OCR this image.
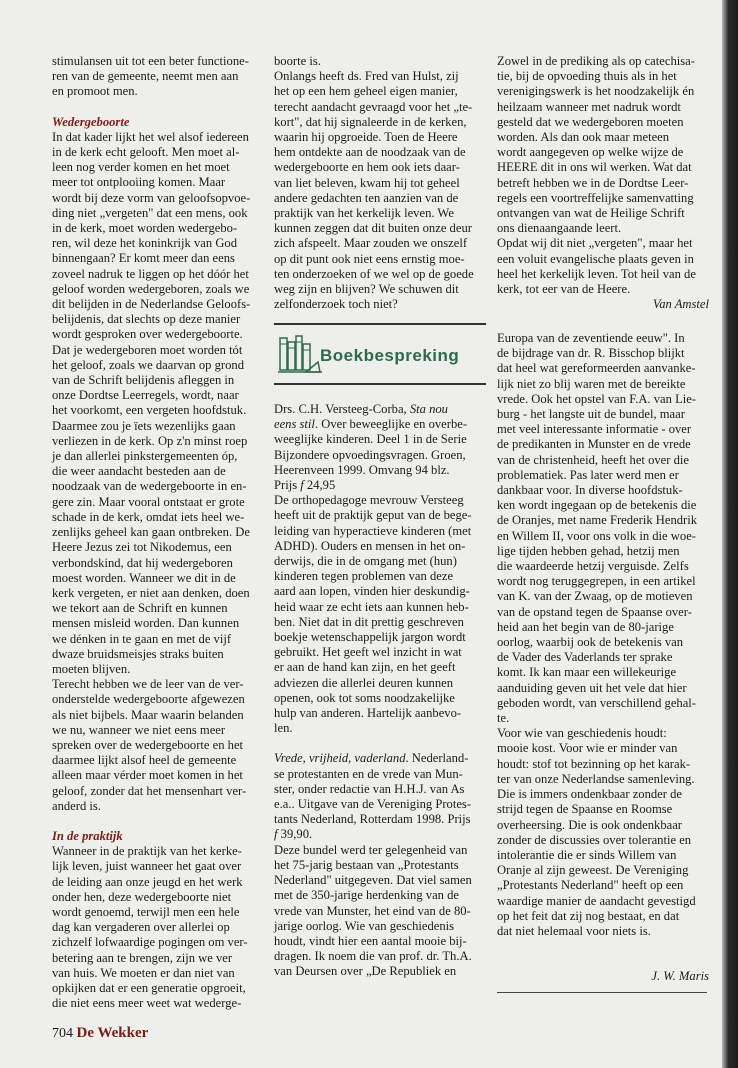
stimulansen uit tot een beter functione-
ren van de gemeente, neemt men aan
en promoot men.

Wedergeboorte

In dat kader lijkt het wel alsof iedereen
in de kerk echt gelooft. Men moet al-
leen nog verder komen en het moet
meer tot ontplooiing komen. Maar
wordt bij deze vorm van geloofsopvoe-
ding niet „vergeten" dat een mens, ook
in de kerk, moet worden wedergebo-
ren, wil deze het koninkrijk van God
binnengaan? Er komt meer dan eens
zoveel nadruk te liggen op het dóór het
geloof worden wedergeboren, zoals we
dit belijden in de Nederlandse Geloofs-
belijdenis, dat slechts op deze manier
wordt gesproken over wedergeboorte.
Dat je wedergeboren moet worden tót
het geloof, zoals we daarvan op grond
van de Schrift belijdenis afleggen in
onze Dordtse Leerregels, wordt, naar
het voorkomt, een vergeten hoofdstuk.
Daarmee zou je ïets wezenlijks gaan
verliezen in de kerk. Op z'n minst roep
je dan allerlei pinkstergemeenten óp,
die weer aandacht besteden aan de
noodzaak van de wedergeboorte in en-
gere zin. Maar vooral ontstaat er grote
schade in de kerk, omdat iets heel we-
zenlijks geheel kan gaan ontbreken. De
Heere Jezus zei tot Nikodemus, een
verbondskind, dat hij wedergeboren
moest worden. Wanneer we dit in de
kerk vergeten, er niet aan denken, doen
we tekort aan de Schrift en kunnen
mensen misleid worden. Dan kunnen
we dénken in te gaan en met de vijf
dwaze bruidsmeisjes straks buiten
moeten blijven.
Terecht hebben we de leer van de ver-
onderstelde wedergeboorte afgewezen
als niet bijbels. Maar waarin belanden
we nu, wanneer we niet eens meer
spreken over de wedergeboorte en het
daarmee lijkt alsof heel de gemeente
alleen maar vérder moet komen in het
geloof, zonder dat het mensenhart ver-
anderd is.

In de praktijk

Wanneer in de praktijk van het kerke-
lijk leven, juist wanneer het gaat over
de leiding aan onze jeugd en het werk
onder hen, deze wedergeboorte niet
wordt genoemd, terwijl men een hele
dag kan vergaderen over allerlei op
zichzelf lofwaardige pogingen om ver-
betering aan te brengen, zijn we ver
van huis. We moeten er dan niet van
opkijken dat er een generatie opgroeit,
die niet eens meer weet wat wederge-

boorte is.
Onlangs heeft ds. Fred van Hulst, zij
het op een hem geheel eigen manier,
terecht aandacht gevraagd voor het „te-
kort", dat hij signaleerde in de kerken,
waarin hij opgroeide. Toen de Heere
hem ontdekte aan de noodzaak van de
wedergeboorte en hem ook iets daar-
van liet beleven, kwam hij tot geheel
andere gedachten ten aanzien van de
praktijk van het kerkelijk leven. We
kunnen zeggen dat dit buiten onze deur
zich afspeelt. Maar zouden we onszelf
op dit punt ook niet eens ernstig moe-
ten onderzoeken of we wel op de goede
weg zijn en blijven? We schuwen dit
zelfonderzoek toch niet?

Boekbespreking

Drs. C.H. Versteeg-Corba, Sta nou
eens stil. Over beweeglijke en overbe-
weeglijke kinderen. Deel 1 in de Serie
Bijzondere opvoedingsvragen. Groen,
Heerenveen 1999. Omvang 94 blz.
Prijs f 24,95
De orthopedagoge mevrouw Versteeg
heeft uit de praktijk geput van de bege-
leiding van hyperactieve kinderen (met
ADHD). Ouders en mensen in het on-
derwijs, die in de omgang met (hun)
kinderen tegen problemen van deze
aard aan lopen, vinden hier deskundig-
heid waar ze echt iets aan kunnen heb-
ben. Niet dat in dit prettig geschreven
boekje wetenschappelijk jargon wordt
gebruikt. Het geeft wel inzicht in wat
er aan de hand kan zijn, en het geeft
adviezen die allerlei deuren kunnen
openen, ook tot soms noodzakelijke
hulp van anderen. Hartelijk aanbevo-
len.

Vrede, vrijheid, vaderland. Nederland-
se protestanten en de vrede van Mun-
ster, onder redactie van H.H.J. van As
e.a.. Uitgave van de Vereniging Protes-
tants Nederland, Rotterdam 1998. Prijs
f 39,90.
Deze bundel werd ter gelegenheid van
het 75-jarig bestaan van „Protestants
Nederland" uitgegeven. Dat viel samen
met de 350-jarige herdenking van de
vrede van Munster, het eind van de 80-
jarige oorlog. Wie van geschiedenis
houdt, vindt hier een aantal mooie bij-
dragen. Ik noem die van prof. dr. Th.A.
van Deursen over „De Republiek en

Zowel in de prediking als op catechisa-
tie, bij de opvoeding thuis als in het
verenigingswerk is het noodzakelijk én
heilzaam wanneer met nadruk wordt
gesteld dat we wedergeboren moeten
worden. Als dan ook maar meteen
wordt aangegeven op welke wijze de
HEERE dit in ons wil werken. Wat dat
betreft hebben we in de Dordtse Leer-
regels een voortreffelijke samenvatting
ontvangen van wat de Heilige Schrift
ons dienaangaande leert.
Opdat wij dit niet „vergeten", maar het
een voluit evangelische plaats geven in
heel het kerkelijk leven. Tot heil van de
kerk, tot eer van de Heere.

Van Amstel

Europa van de zeventiende eeuw". In
de bijdrage van dr. R. Bisschop blijkt
dat heel wat gereformeerden aanvanke-
lijk niet zo blij waren met de bereikte
vrede. Ook het opstel van F.A. van Lie-
burg - het langste uit de bundel, maar
met veel interessante informatie - over
de predikanten in Munster en de vrede
van de christenheid, heeft het over die
problematiek. Pas later werd men er
dankbaar voor. In diverse hoofdstuk-
ken wordt ingegaan op de betekenis die
de Oranjes, met name Frederik Hendrik
en Willem II, voor ons volk in die woe-
lige tijden hebben gehad, hetzij men
die waardeerde hetzij verguisde. Zelfs
wordt nog teruggegrepen, in een artikel
van K. van der Zwaag, op de motieven
van de opstand tegen de Spaanse over-
heid aan het begin van de 80-jarige
oorlog, waarbij ook de betekenis van
de Vader des Vaderlands ter sprake
komt. Ik kan maar een willekeurige
aanduiding geven uit het vele dat hier
geboden wordt, van verschillend gehal-
te.
Voor wie van geschiedenis houdt:
mooie kost. Voor wie er minder van
houdt: stof tot bezinning op het karak-
ter van onze Nederlandse samenleving.
Die is immers ondenkbaar zonder de
strijd tegen de Spaanse en Roomse
overheersing. Die is ook ondenkbaar
zonder de discussies over tolerantie en
intolerantie die er sinds Willem van
Oranje al zijn geweest. De Vereniging
„Protestants Nederland" heeft op een
waardige manier de aandacht gevestigd
op het feit dat zij nog bestaat, en dat
dat niet helemaal voor niets is.

J. W. Maris

704 De Wekker
